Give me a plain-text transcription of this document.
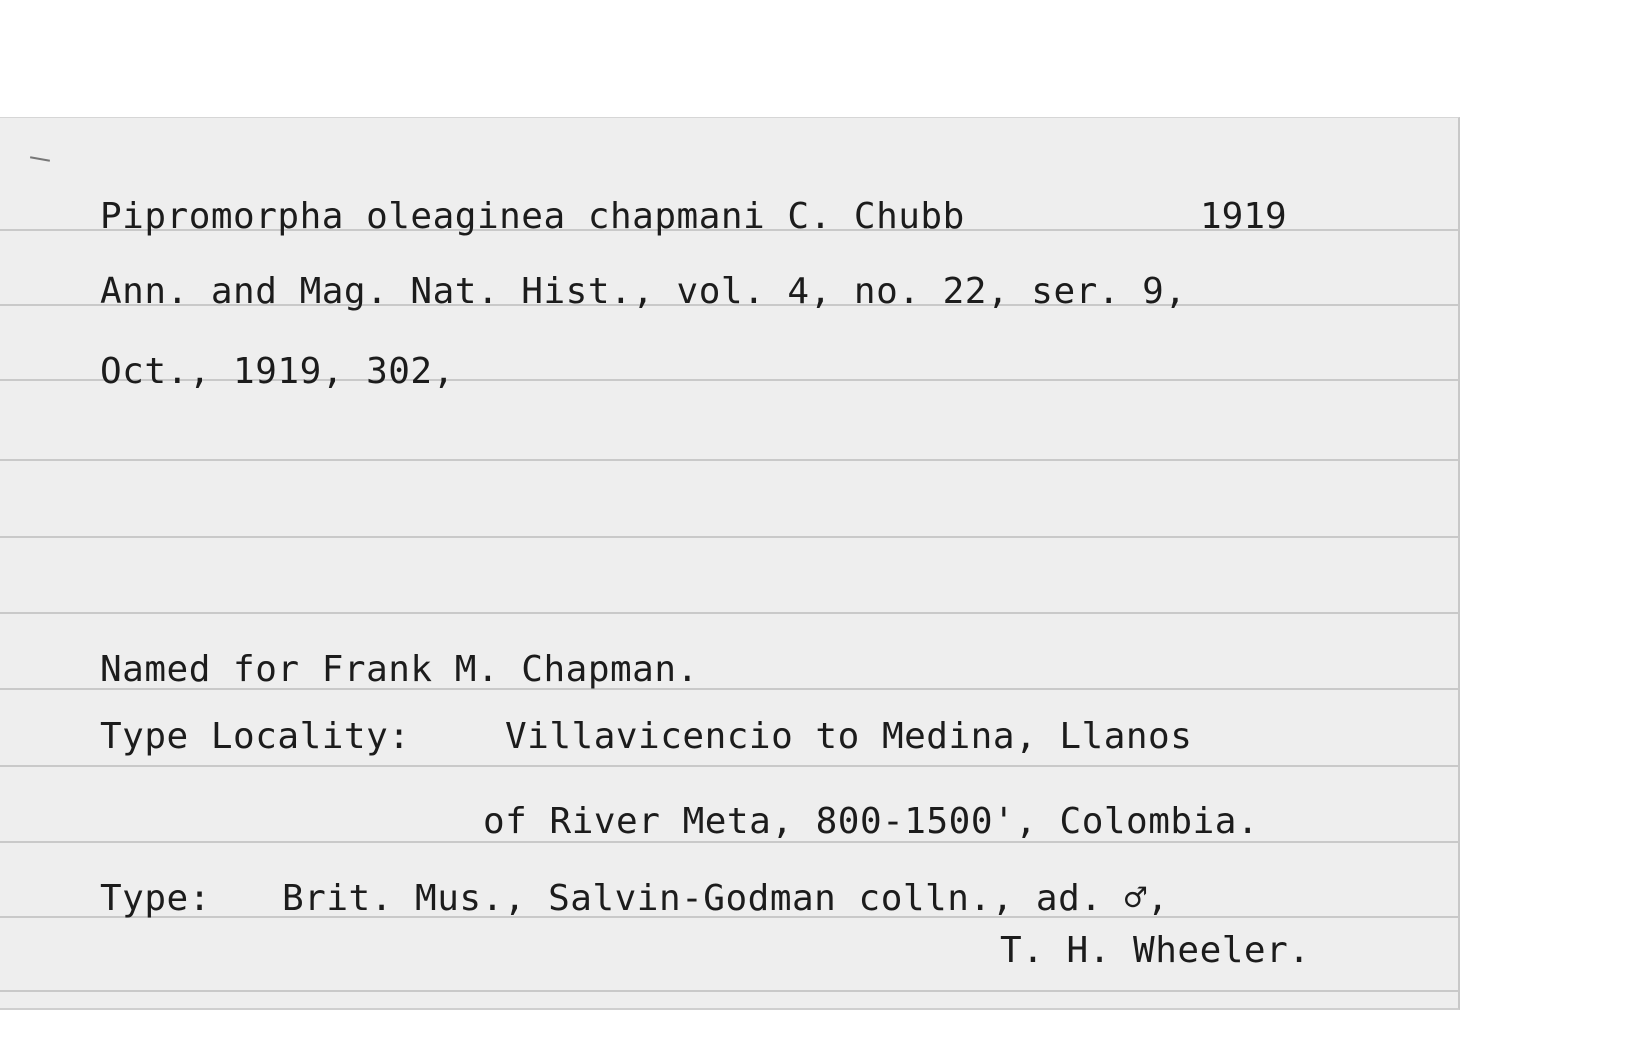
Pipromorpha oleaginea chapmani C. Chubb	1919
Ann. and Mag. Nat. Hist., vol. 4, no. 22, ser. 9,
Oct., 1919, 302,
Named for Frank M. Chapman.
Type Locality:	Villavicencio to Medina, Llanos
of River Meta, 800-1500', Colombia.
Type: Brit. Mus., Salvin-Godman colln., ad. ♂,
T. H. Wheeler.
